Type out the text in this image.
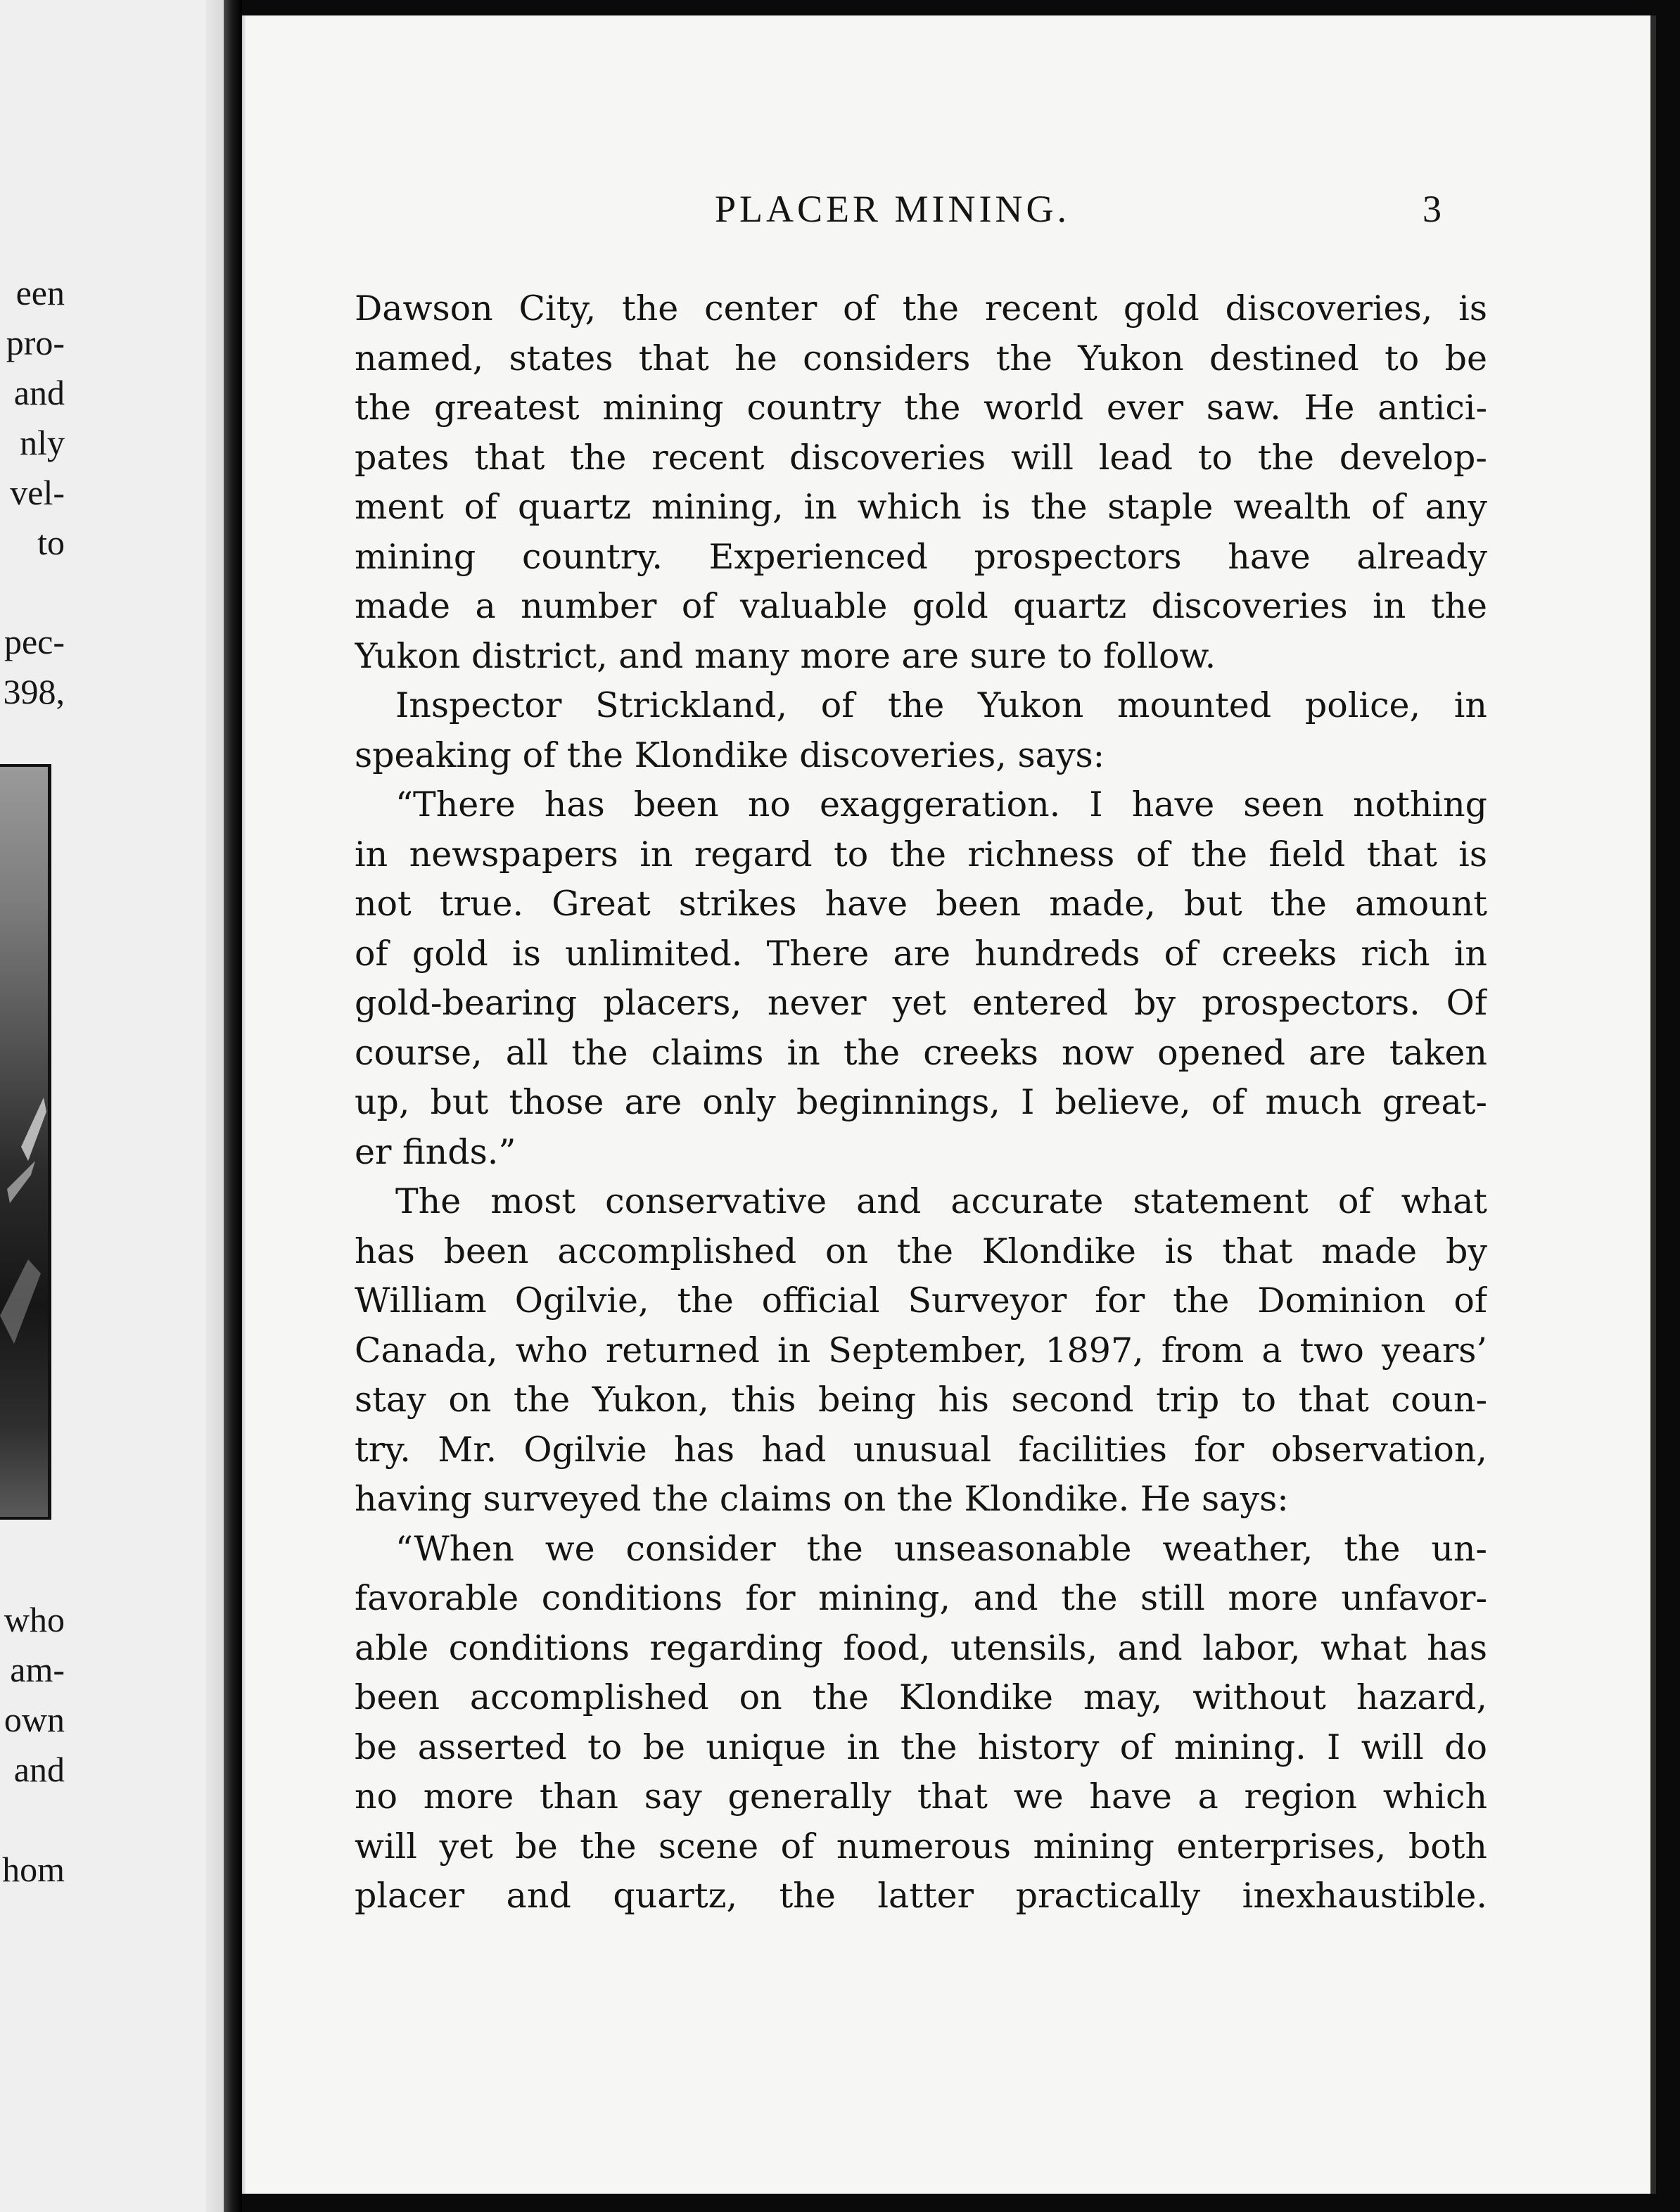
een
pro-
and
nly
vel-
to
pec-
398,
who
am-
own
and
hom
PLACER MINING.	3
Dawson City, the center of the recent gold discoveries, is
named, states that he considers the Yukon destined to be
the greatest mining country the world ever saw. He antici-
pates that the recent discoveries will lead to the develop-
ment of quartz mining, in which is the staple wealth of any
mining country. Experienced prospectors have already
made a number of valuable gold quartz discoveries in the
Yukon district, and many more are sure to follow.
Inspector Strickland, of the Yukon mounted police, in
speaking of the Klondike discoveries, says:
“There has been no exaggeration. I have seen nothing
in newspapers in regard to the richness of the field that is
not true. Great strikes have been made, but the amount
of gold is unlimited. There are hundreds of creeks rich in
gold-bearing placers, never yet entered by prospectors. Of
course, all the claims in the creeks now opened are taken
up, but those are only beginnings, I believe, of much great-
er finds.”
The most conservative and accurate statement of what
has been accomplished on the Klondike is that made by
William Ogilvie, the official Surveyor for the Dominion of
Canada, who returned in September, 1897, from a two years’
stay on the Yukon, this being his second trip to that coun-
try. Mr. Ogilvie has had unusual facilities for observation,
having surveyed the claims on the Klondike. He says:
“When we consider the unseasonable weather, the un-
favorable conditions for mining, and the still more unfavor-
able conditions regarding food, utensils, and labor, what has
been accomplished on the Klondike may, without hazard,
be asserted to be unique in the history of mining. I will do
no more than say generally that we have a region which
will yet be the scene of numerous mining enterprises, both
placer and quartz, the latter practically inexhaustible.
